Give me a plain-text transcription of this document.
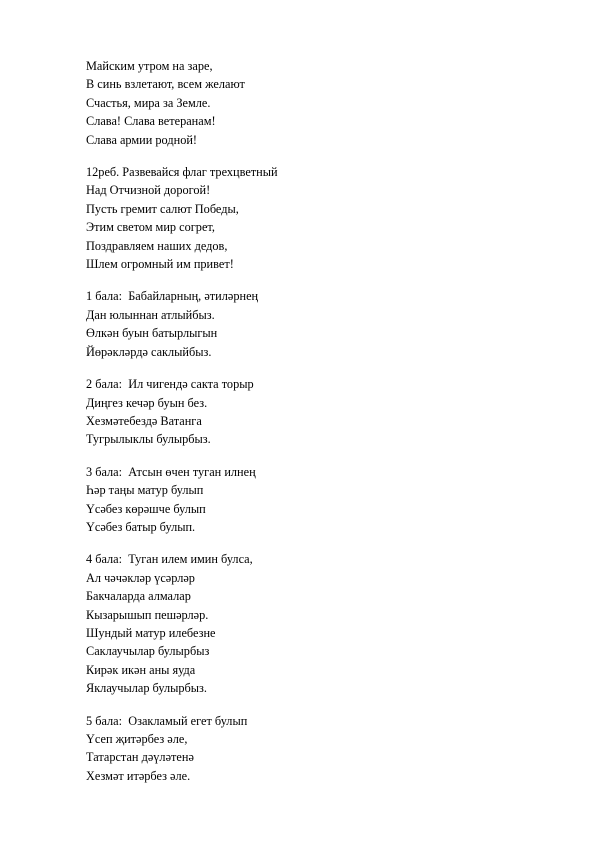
Майским утром на заре,
В синь взлетают, всем желают
Счастья, мира за Земле.
Слава! Слава ветеранам!
Слава армии родной!
12реб. Развевайся флаг трехцветный
Над Отчизной дорогой!
Пусть гремит салют Победы,
Этим светом мир согрет,
Поздравляем наших дедов,
Шлем огромный им привет!
1 бала:  Бабайларның, әтиләрнең
Дан юлыннан атлыйбыз.
Өлкән буын батырлыгын
Йөрәкләрдә саклыйбыз.
2 бала:  Ил чигендә сакта торыр
Диңгез кечәр буын без.
Хезмәтебездә Ватанга
Тугрылыклы булырбыз.
3 бала:  Атсын өчен туган илнең
Һәр таңы матур булып
Үсәбез көрәшче булып
Үсәбез батыр булып.
4 бала:  Туган илем имин булса,
Ал чәчәкләр үсәрләр
Бакчаларда алмалар
Кызарышып пешәрләр.
Шундый матур илебезне
Саклаучылар булырбыз
Кирәк икән аны яуда
Яклаучылар булырбыз.
5 бала:  Озакламый егет булып
Үсеп җитәрбез әле,
Татарстан дәүләтенә
Хезмәт итәрбез әле.
